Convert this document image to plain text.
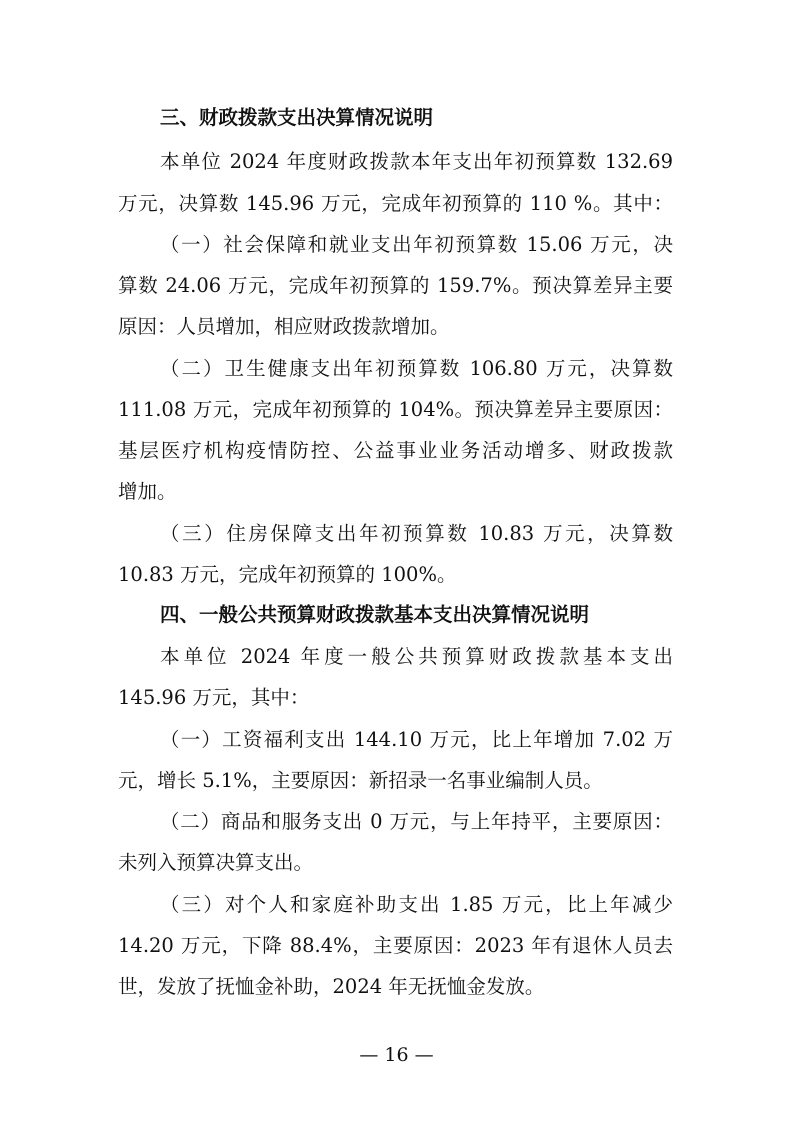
三、财政拨款支出决算情况说明
本单位 2024 年度财政拨款本年支出年初预算数 132.69
万元，决算数 145.96 万元，完成年初预算的 110 %。其中：
（一）社会保障和就业支出年初预算数 15.06 万元，决
算数 24.06 万元，完成年初预算的 159.7%。预决算差异主要
原因：人员增加，相应财政拨款增加。
（二）卫生健康支出年初预算数 106.80 万元，决算数
111.08 万元，完成年初预算的 104%。预决算差异主要原因：
基层医疗机构疫情防控、公益事业业务活动增多、财政拨款
增加。
（三）住房保障支出年初预算数 10.83 万元，决算数
10.83 万元，完成年初预算的 100%。
四、一般公共预算财政拨款基本支出决算情况说明
本单位 2024 年度一般公共预算财政拨款基本支出
145.96 万元，其中：
（一）工资福利支出 144.10 万元，比上年增加 7.02 万
元，增长 5.1%，主要原因：新招录一名事业编制人员。
（二）商品和服务支出 0 万元，与上年持平，主要原因：
未列入预算决算支出。
（三）对个人和家庭补助支出 1.85 万元，比上年减少
14.20 万元，下降 88.4%，主要原因：2023 年有退休人员去
世，发放了抚恤金补助，2024 年无抚恤金发放。
— 16 —
